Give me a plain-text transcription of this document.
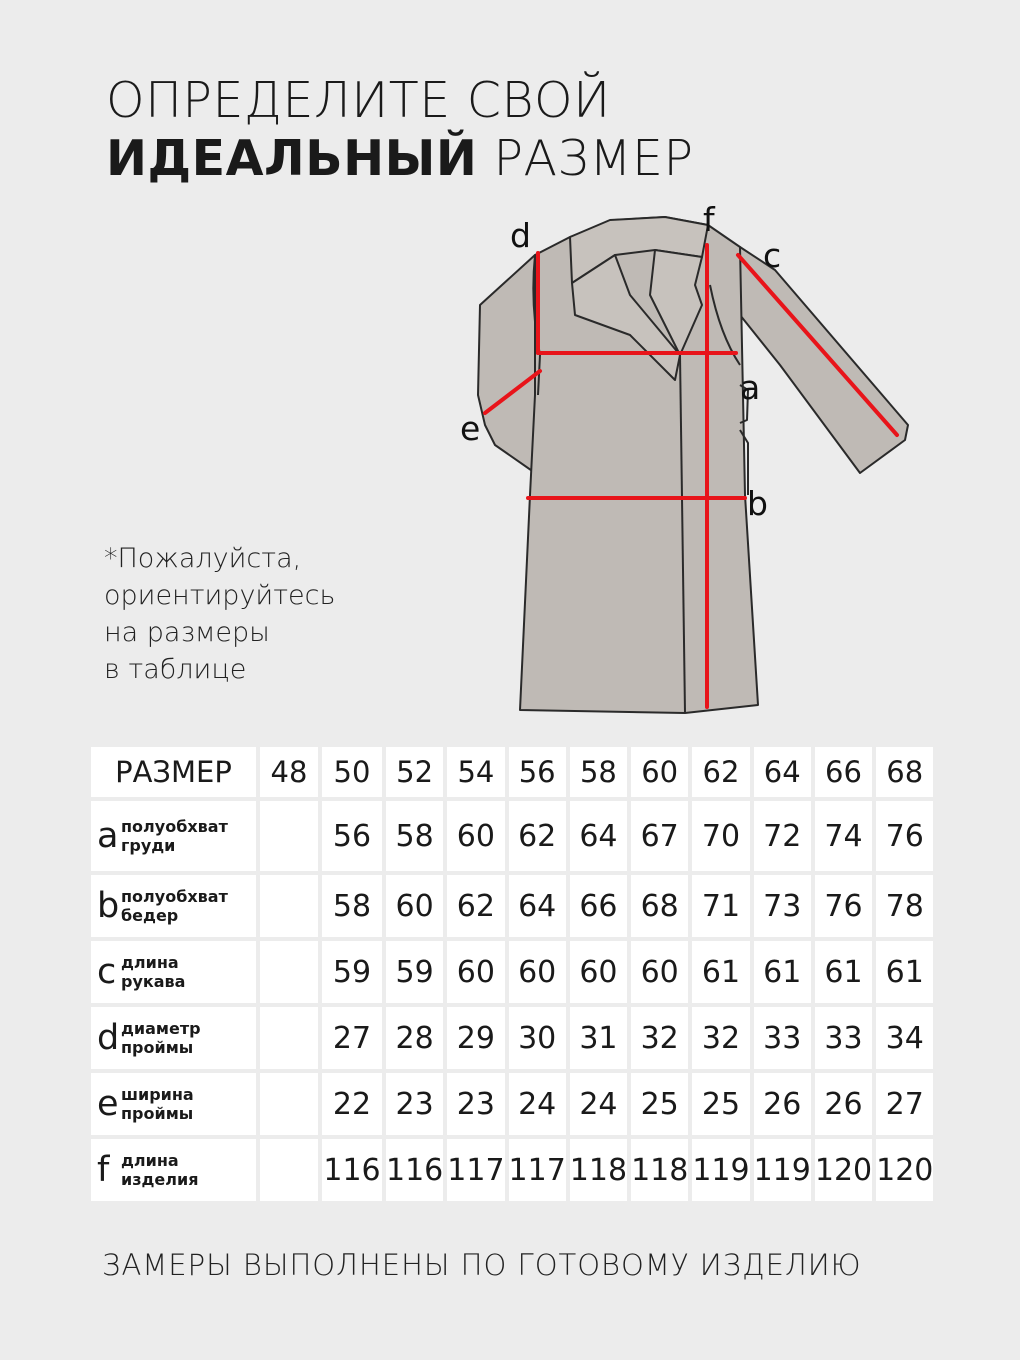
ОПРЕДЕЛИТЕ СВОЙ
ИДЕАЛЬНЫЙ РАЗМЕР
d	f
c
a
e
b
*Пожалуйста,
ориентируйтесь
на размеры
в таблице
РАЗМЕР	48	50	52	54	56	58	60	62	64	66	68
a полуобхват
груди		56	58	60	62	64	67	70	72	74	76
b полуобхват
бедер		58	60	62	64	66	68	71	73	76	78
c длина
рукава		59	59	60	60	60	60	61	61	61	61
d диаметр
проймы		27	28	29	30	31	32	32	33	33	34
e ширина
проймы		22	23	23	24	24	25	25	26	26	27
f длина
изделия		116	116	117	117	118	118	119	119	120	120
ЗАМЕРЫ ВЫПОЛНЕНЫ ПО ГОТОВОМУ ИЗДЕЛИЮ
